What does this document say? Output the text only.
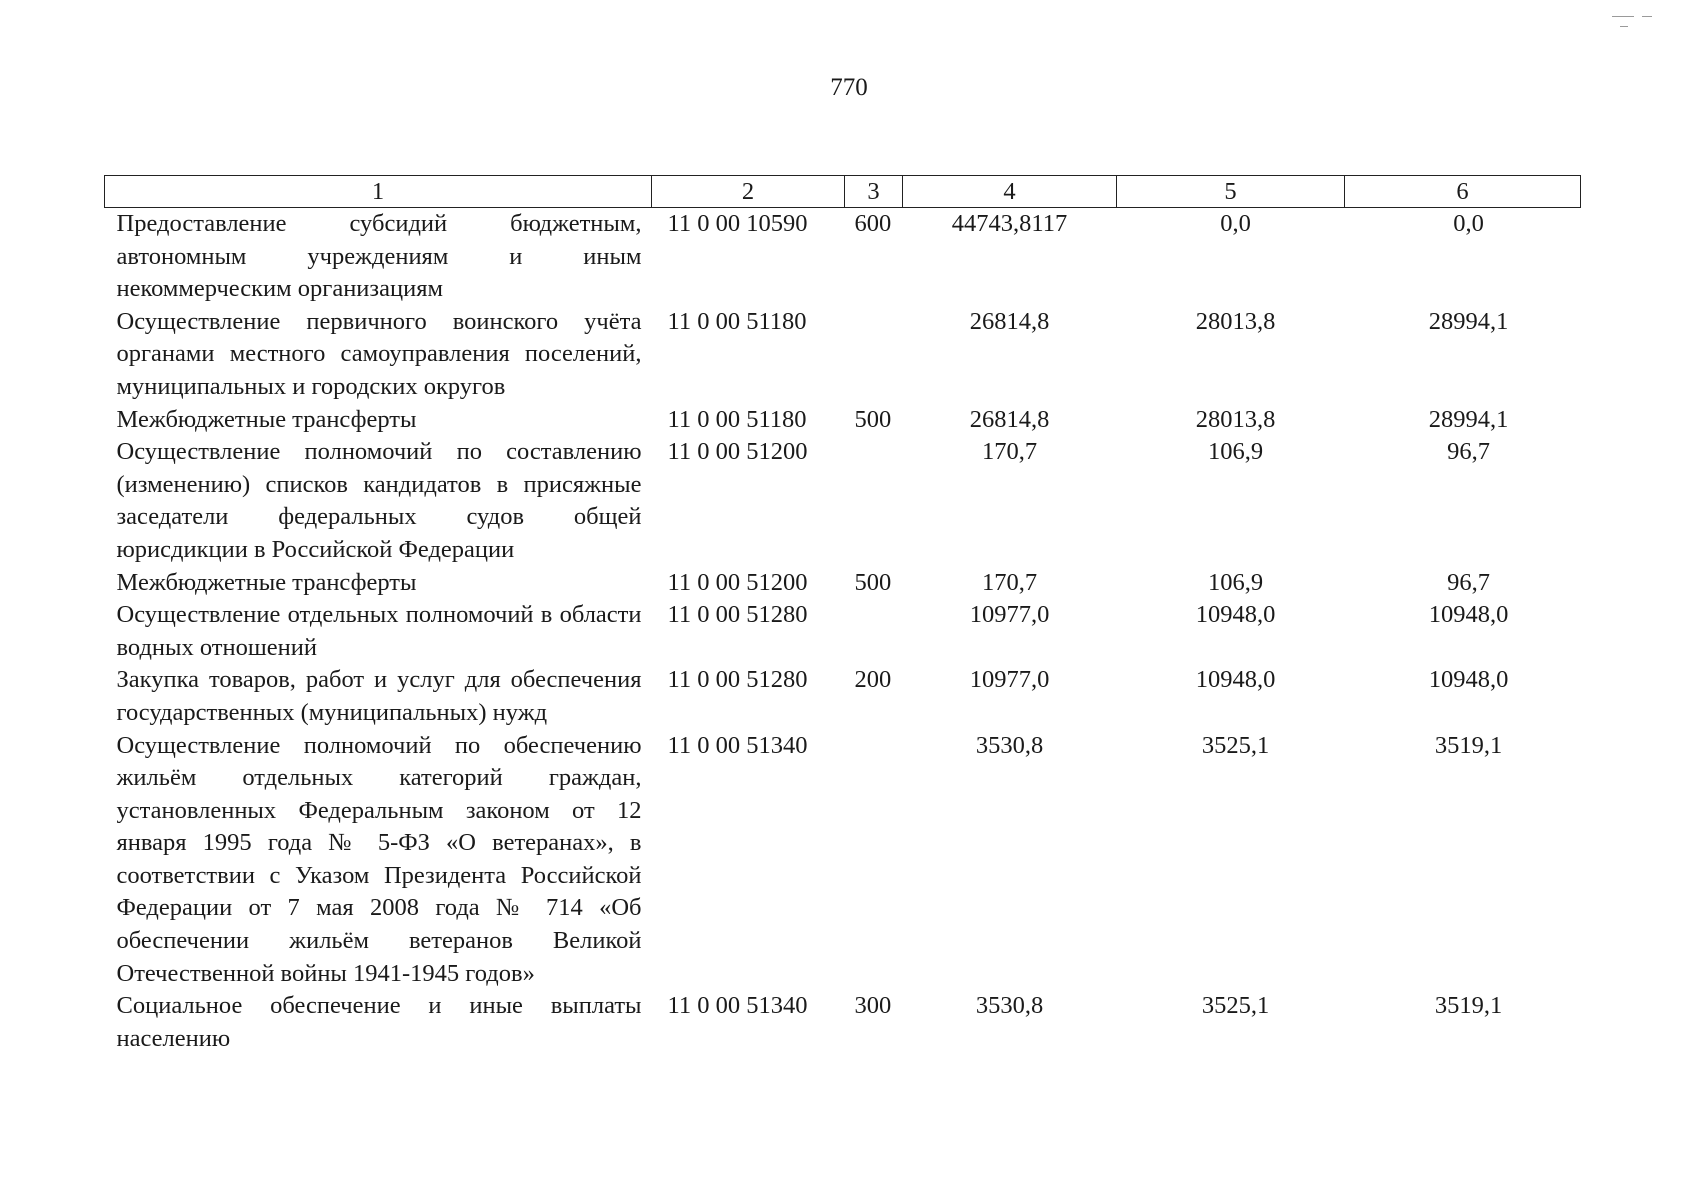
770
1	2	3	4	5	6
Предоставление субсидий бюджетным, автономным учреждениям и иным некоммерческим организациям	11 0 00 10590	600	44743,8117	0,0	0,0
Осуществление первичного воинского учёта органами местного самоуправления поселений, муниципальных и городских округов	11 0 00 51180		26814,8	28013,8	28994,1
Межбюджетные трансферты	11 0 00 51180	500	26814,8	28013,8	28994,1
Осуществление полномочий по составлению (изменению) списков кандидатов в присяжные заседатели федеральных судов общей юрисдикции в Российской Федерации	11 0 00 51200		170,7	106,9	96,7
Межбюджетные трансферты	11 0 00 51200	500	170,7	106,9	96,7
Осуществление отдельных полномочий в области водных отношений	11 0 00 51280		10977,0	10948,0	10948,0
Закупка товаров, работ и услуг для обеспечения государственных (муниципальных) нужд	11 0 00 51280	200	10977,0	10948,0	10948,0
Осуществление полномочий по обеспечению жильём отдельных категорий граждан, установленных Федеральным законом от 12 января 1995 года № 5-ФЗ «О ветеранах», в соответствии с Указом Президента Российской Федерации от 7 мая 2008 года № 714 «Об обеспечении жильём ветеранов Великой Отечественной войны 1941-1945 годов»	11 0 00 51340		3530,8	3525,1	3519,1
Социальное обеспечение и иные выплаты населению	11 0 00 51340	300	3530,8	3525,1	3519,1
